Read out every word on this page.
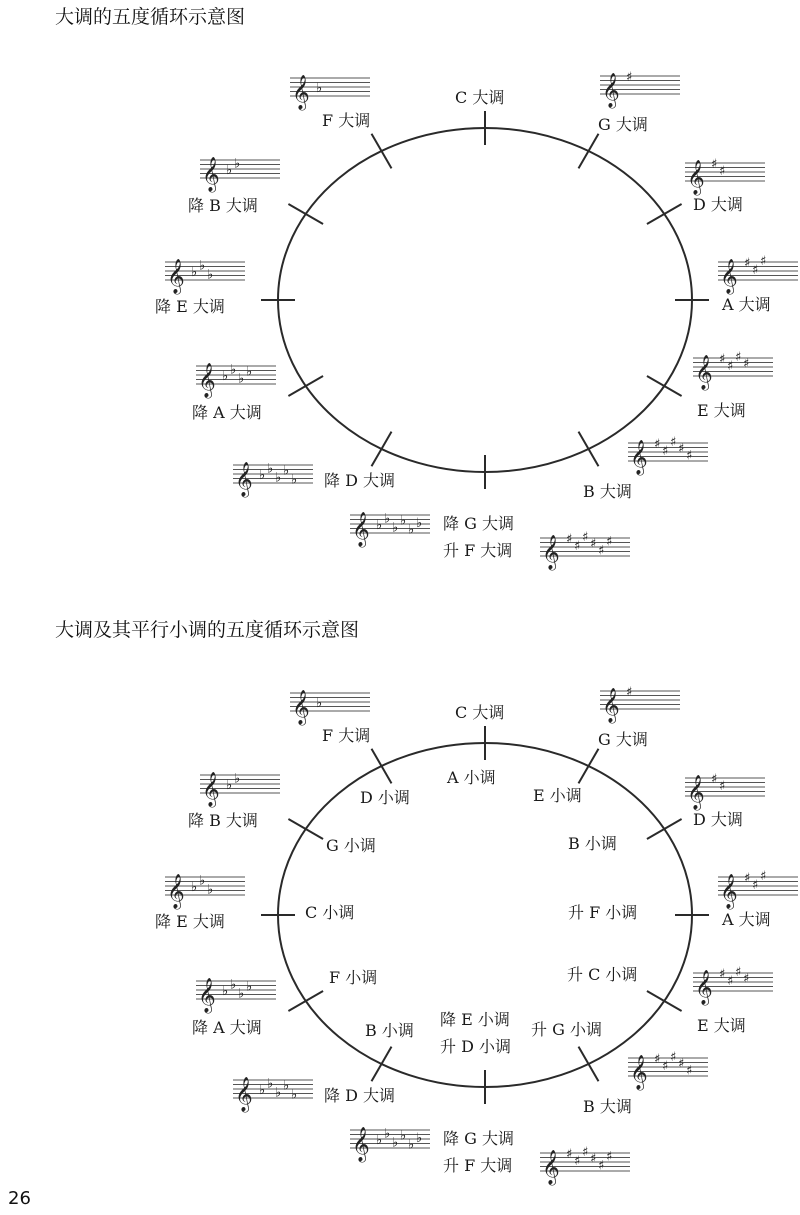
大调的五度循环示意图
大调及其平行小调的五度循环示意图
26
C 大调
G 大调
𝄞 ♯
D 大调
𝄞 ♯ ♯
A 大调
𝄞 ♯ ♯
♯
E 大调
𝄞 ♯ ♯
♯ ♯
B 大调
𝄞 ♯ ♯
♯ ♯ ♯
降 G 大调
𝄞 ♭ ♭
♭ ♭
♭ ♭
升 F 大调 𝄞 ♯ ♯
♯ ♯ ♯
♯
降 D 大调
𝄞 ♭ ♭
♭ ♭
♭
降 A 大调
𝄞 ♭ ♭
♭ ♭
降 E 大调
𝄞 ♭ ♭
♭
降 B 大调
𝄞 ♭ ♭
F 大调
𝄞 ♭
C 大调
G 大调
𝄞 ♯
D 大调
𝄞 ♯ ♯
A 大调
𝄞 ♯ ♯
♯
E 大调
𝄞 ♯ ♯
♯ ♯
B 大调
𝄞 ♯ ♯
♯ ♯ ♯
降 G 大调
𝄞 ♭ ♭
♭ ♭
♭ ♭
升 F 大调 𝄞 ♯ ♯
♯ ♯ ♯
♯
降 D 大调
𝄞 ♭ ♭
♭ ♭
♭
降 A 大调
𝄞 ♭ ♭
♭ ♭
降 E 大调
𝄞 ♭ ♭
♭
降 B 大调
𝄞 ♭ ♭
F 大调
𝄞 ♭
A 小调
E 小调
B 小调
升 F 小调
升 C 小调
升 G 小调
降 E 小调
升 D 小调
B 小调
F 小调
C 小调
G 小调
D 小调
